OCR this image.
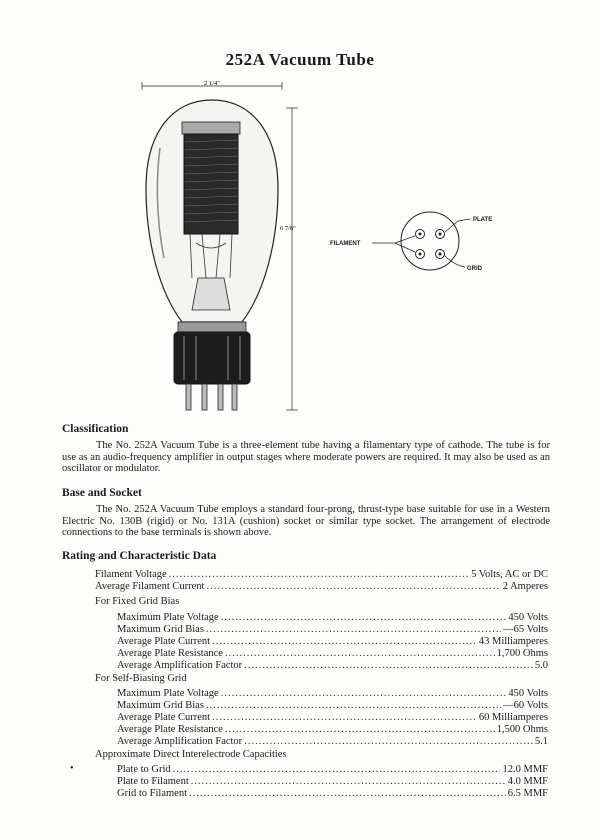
252A Vacuum Tube
2 1/4"
6 7/8"
PLATE
FILAMENT
GRID
Classification

The No. 252A Vacuum Tube is a three-element tube having a filamentary type of cathode. The tube is for use as an audio-frequency amplifier in output stages where moderate powers are required. It may also be used as an oscillator or modulator.

Base and Socket

The No. 252A Vacuum Tube employs a standard four-prong, thrust-type base suitable for use in a Western Electric No. 130B (rigid) or No. 131A (cushion) socket or similar type socket. The arrangement of electrode connections to the base terminals is shown above.

Rating and Characteristic Data
Filament Voltage .....	5 Volts, AC or DC
Average Filament Current .....	2 Amperes
For Fixed Grid Bias
Maximum Plate Voltage .....	450 Volts
Maximum Grid Bias .....	—65 Volts
Average Plate Current .....	43 Milliamperes
Average Plate Resistance .....	1,700 Ohms
Average Amplification Factor .....	5.0
For Self-Biasing Grid
Maximum Plate Voltage .....	450 Volts
Maximum Grid Bias .....	—60 Volts
Average Plate Current .....	60 Milliamperes
Average Plate Resistance .....	1,500 Ohms
Average Amplification Factor .....	5.1
Approximate Direct Interelectrode Capacities
•	Plate to Grid .....	12.0 MMF
Plate to Filament .....	4.0 MMF
Grid to Filament .....	6.5 MMF
